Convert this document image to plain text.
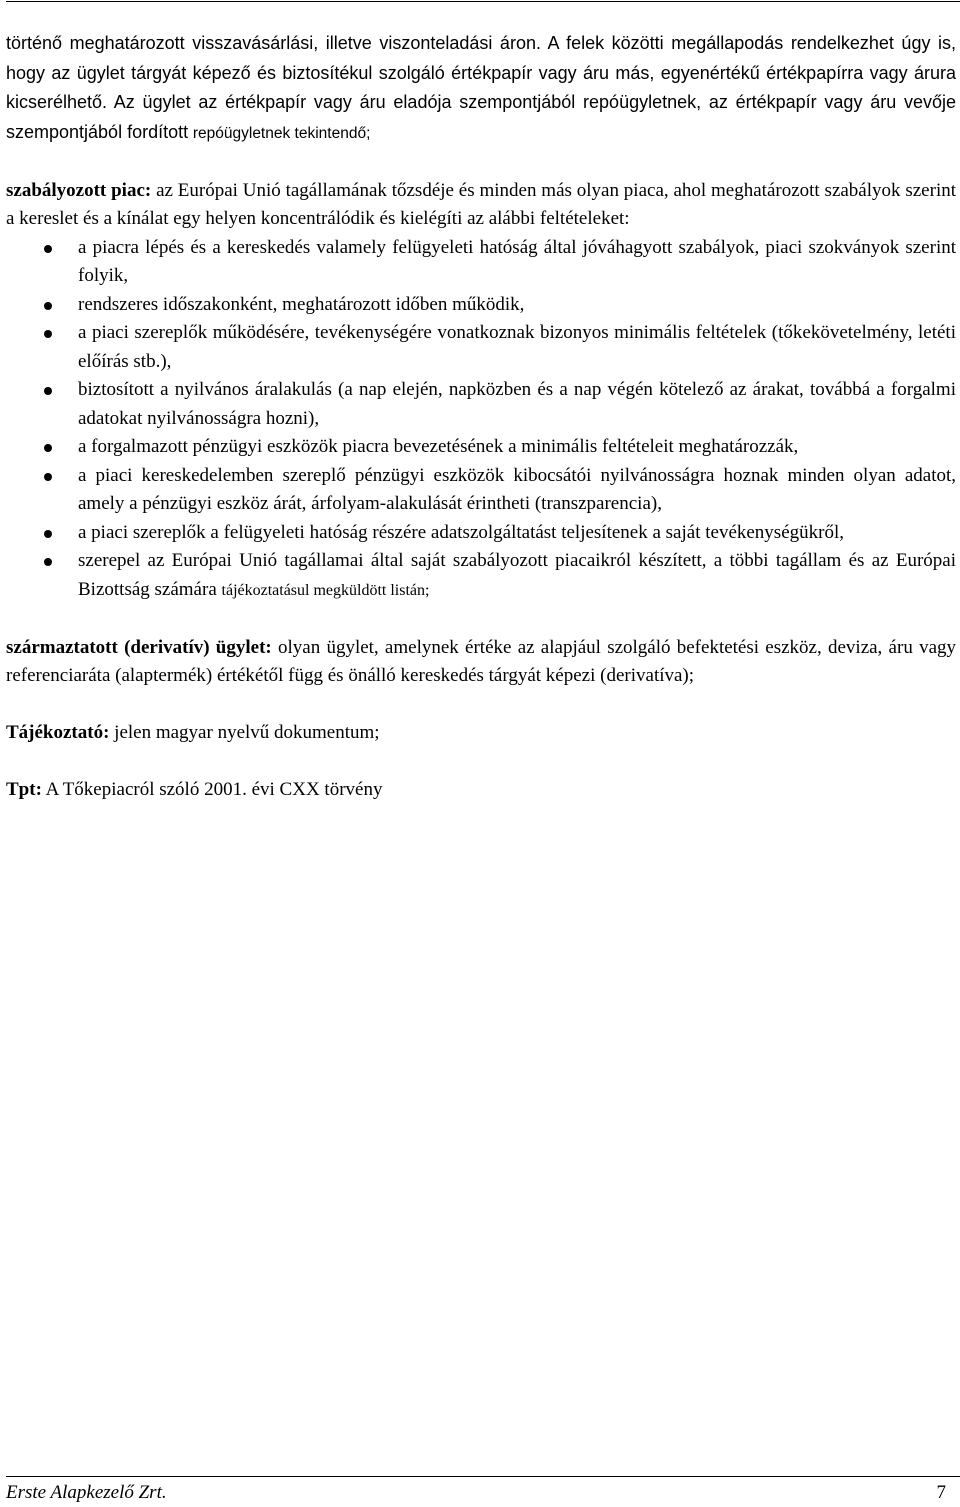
történő meghatározott visszavásárlási, illetve viszonteladási áron. A felek közötti megállapodás rendelkezhet úgy is, hogy az ügylet tárgyát képező és biztosítékul szolgáló értékpapír vagy áru más, egyenértékű értékpapírra vagy árura kicserélhető. Az ügylet az értékpapír vagy áru eladója szempontjából repóügyletnek, az értékpapír vagy áru vevője szempontjából fordított repóügyletnek tekintendő;

szabályozott piac: az Európai Unió tagállamának tőzsdéje és minden más olyan piaca, ahol meghatározott szabályok szerint a kereslet és a kínálat egy helyen koncentrálódik és kielégíti az alábbi feltételeket:

a piacra lépés és a kereskedés valamely felügyeleti hatóság által jóváhagyott szabályok, piaci szokványok szerint folyik,
rendszeres időszakonként, meghatározott időben működik,
a piaci szereplők működésére, tevékenységére vonatkoznak bizonyos minimális feltételek (tőkekövetelmény, letéti előírás stb.),
biztosított a nyilvános áralakulás (a nap elején, napközben és a nap végén kötelező az árakat, továbbá a forgalmi adatokat nyilvánosságra hozni),
a forgalmazott pénzügyi eszközök piacra bevezetésének a minimális feltételeit meghatározzák,
a piaci kereskedelemben szereplő pénzügyi eszközök kibocsátói nyilvánosságra hoznak minden olyan adatot, amely a pénzügyi eszköz árát, árfolyam-alakulását érintheti (transzparencia),
a piaci szereplők a felügyeleti hatóság részére adatszolgáltatást teljesítenek a saját tevékenységükről,
szerepel az Európai Unió tagállamai által saját szabályozott piacaikról készített, a többi tagállam és az Európai Bizottság számára tájékoztatásul megküldött listán;

származtatott (derivatív) ügylet: olyan ügylet, amelynek értéke az alapjául szolgáló befektetési eszköz, deviza, áru vagy referenciaráta (alaptermék) értékétől függ és önálló kereskedés tárgyát képezi (derivatíva);

Tájékoztató: jelen magyar nyelvű dokumentum;

Tpt: A Tőkepiacról szóló 2001. évi CXX törvény

Erste Alapkezelő Zrt.	7
